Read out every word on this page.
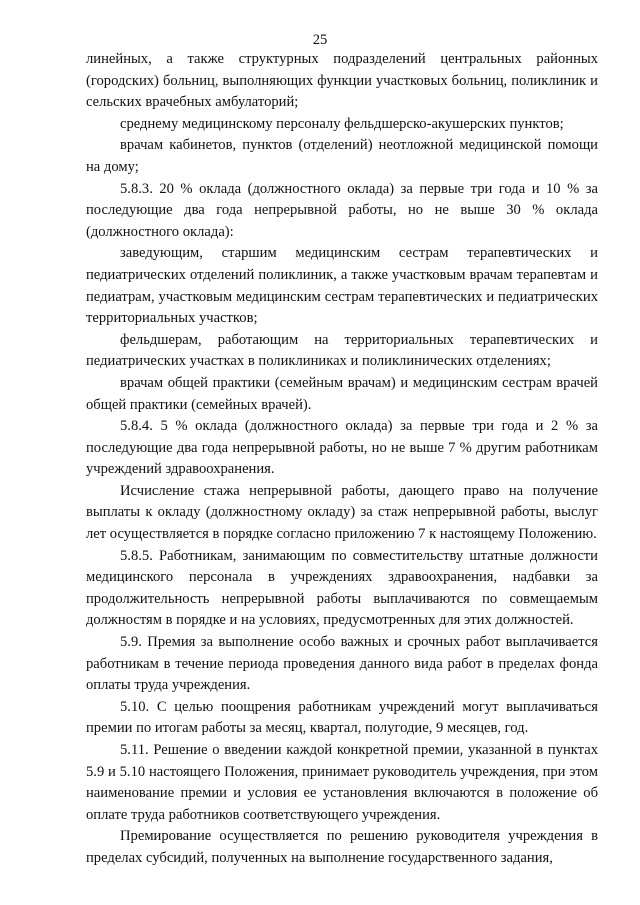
25

линейных, а также структурных подразделений центральных районных (городских) больниц, выполняющих функции участковых больниц, поликлиник и сельских врачебных амбулаторий;

среднему медицинскому персоналу фельдшерско-акушерских пунктов;

врачам кабинетов, пунктов (отделений) неотложной медицинской помощи на дому;

5.8.3. 20 % оклада (должностного оклада) за первые три года и 10 % за последующие два года непрерывной работы, но не выше 30 % оклада (должностного оклада):

заведующим, старшим медицинским сестрам терапевтических и педиатрических отделений поликлиник, а также участковым врачам терапевтам и педиатрам, участковым медицинским сестрам терапевтических и педиатрических территориальных участков;

фельдшерам, работающим на территориальных терапевтических и педиатрических участках в поликлиниках и поликлинических отделениях;

врачам общей практики (семейным врачам) и медицинским сестрам врачей общей практики (семейных врачей).

5.8.4. 5 % оклада (должностного оклада) за первые три года и 2 % за последующие два года непрерывной работы, но не выше 7 % другим работникам учреждений здравоохранения.

Исчисление стажа непрерывной работы, дающего право на получение выплаты к окладу (должностному окладу) за стаж непрерывной работы, выслуг лет осуществляется в порядке согласно приложению 7 к настоящему Положению.

5.8.5. Работникам, занимающим по совместительству штатные должности медицинского персонала в учреждениях здравоохранения, надбавки за продолжительность непрерывной работы выплачиваются по совмещаемым должностям в порядке и на условиях, предусмотренных для этих должностей.

5.9. Премия за выполнение особо важных и срочных работ выплачивается работникам в течение периода проведения данного вида работ в пределах фонда оплаты труда учреждения.

5.10. С целью поощрения работникам учреждений могут выплачиваться премии по итогам работы за месяц, квартал, полугодие, 9 месяцев, год.

5.11. Решение о введении каждой конкретной премии, указанной в пунктах 5.9 и 5.10 настоящего Положения, принимает руководитель учреждения, при этом наименование премии и условия ее установления включаются в положение об оплате труда работников соответствующего учреждения.

Премирование осуществляется по решению руководителя учреждения в пределах субсидий, полученных на выполнение государственного задания,
